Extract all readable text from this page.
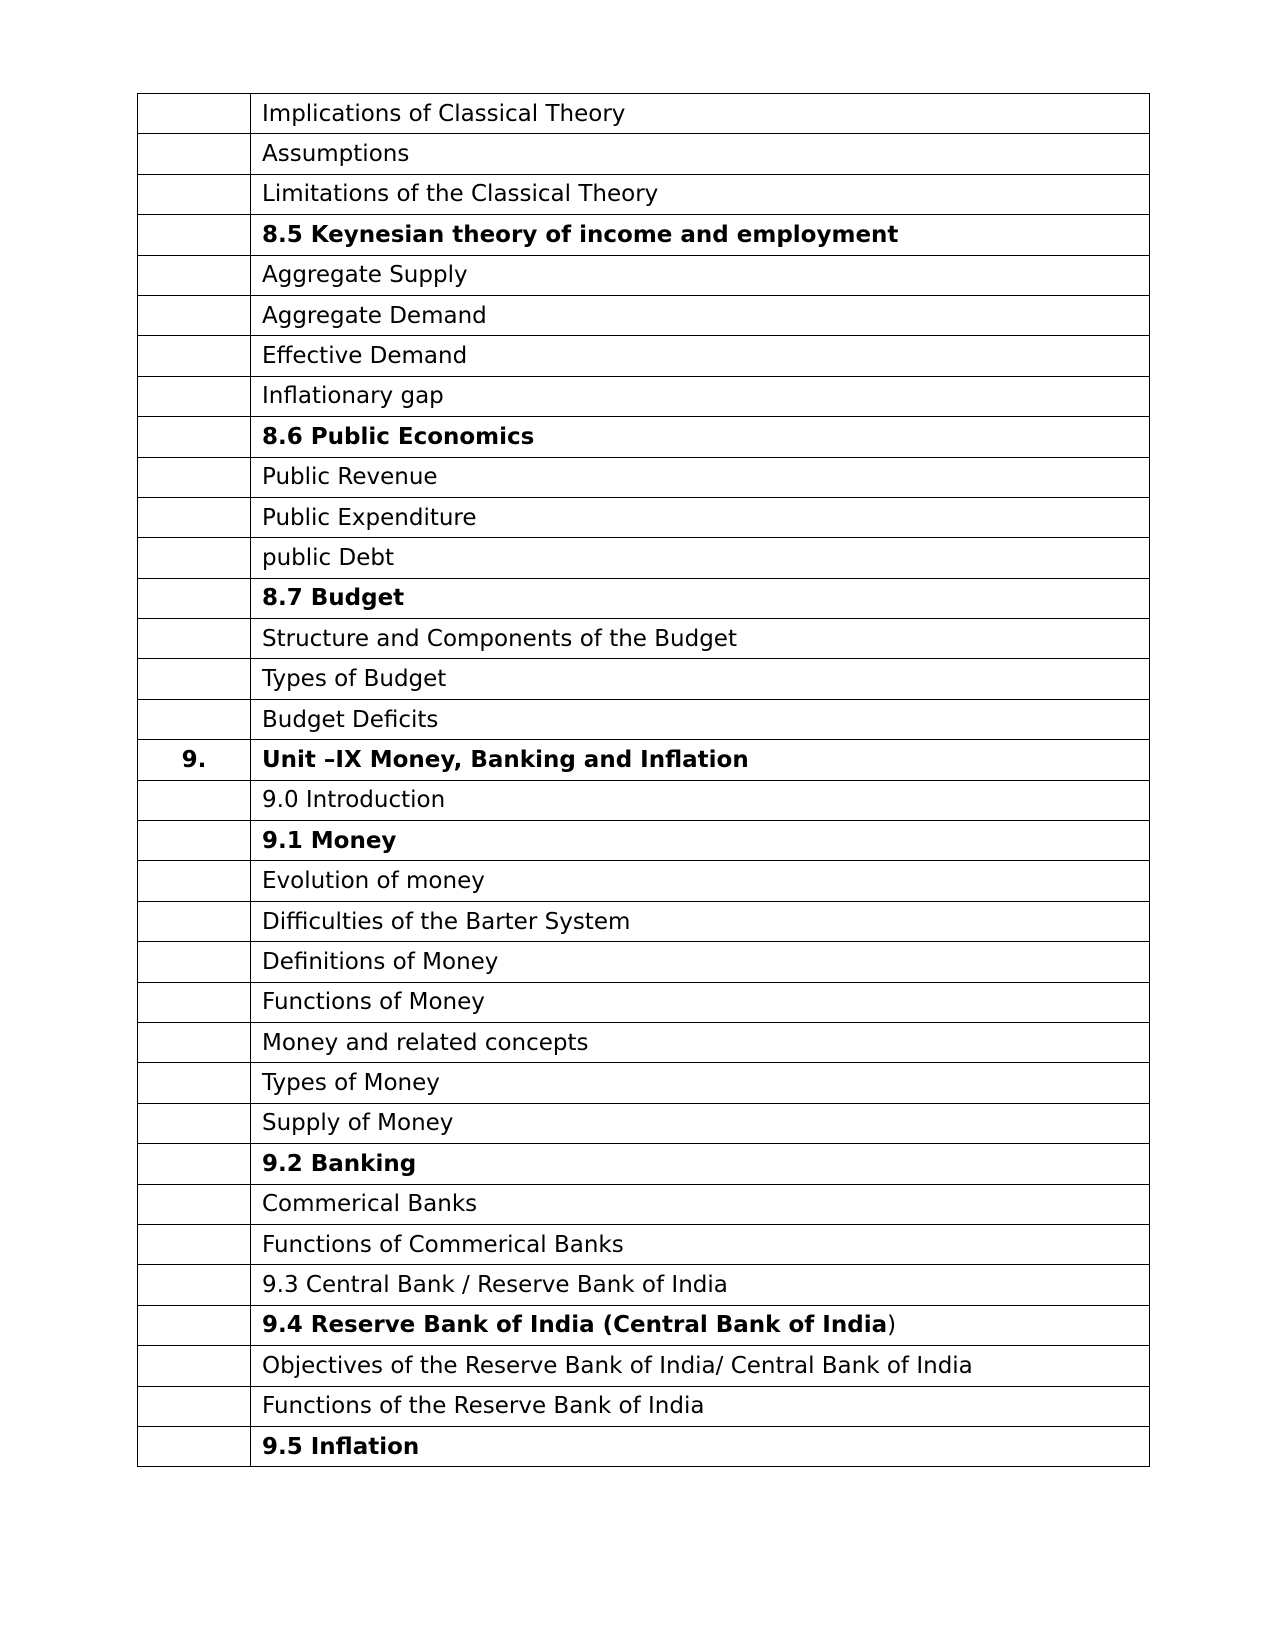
	Implications of Classical Theory
	Assumptions
	Limitations of the Classical Theory
	8.5 Keynesian theory of income and employment
	Aggregate Supply
	Aggregate Demand
	Effective Demand
	Inflationary gap
	8.6 Public Economics
	Public Revenue
	Public Expenditure
	public Debt
	8.7 Budget
	Structure and Components of the Budget
	Types of Budget
	Budget Deficits
9.	Unit –IX Money, Banking and Inflation
	9.0 Introduction
	9.1 Money
	Evolution of money
	Difficulties of the Barter System
	Definitions of Money
	Functions of Money
	Money and related concepts
	Types of Money
	Supply of Money
	9.2 Banking
	Commerical Banks
	Functions of Commerical Banks
	9.3 Central Bank / Reserve Bank of India
	9.4 Reserve Bank of India (Central Bank of India)
	Objectives of the Reserve Bank of India/ Central Bank of India
	Functions of the Reserve Bank of India
	9.5 Inflation
